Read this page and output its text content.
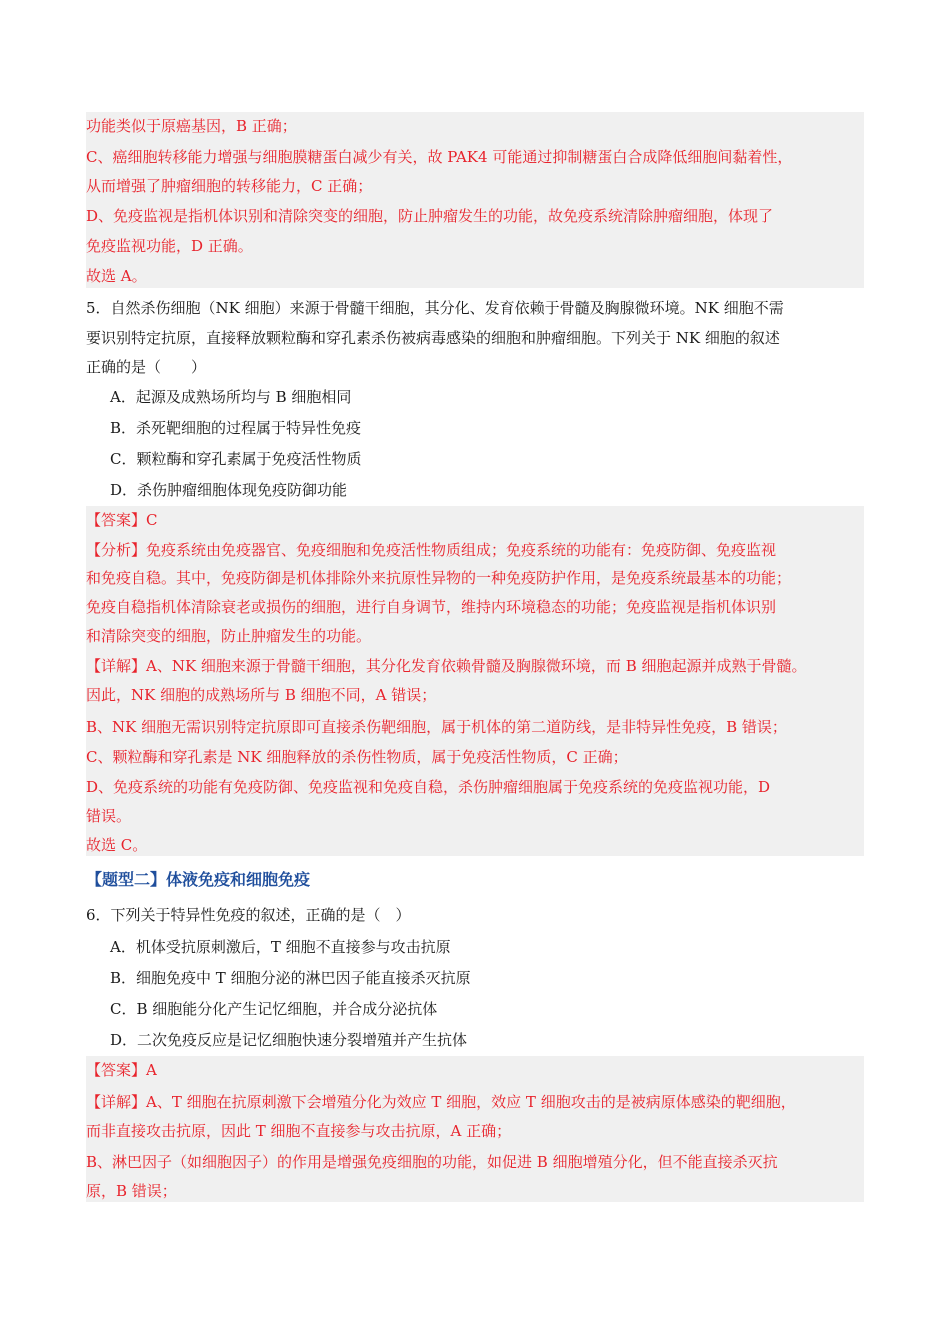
功能类似于原癌基因，B 正确；
C、癌细胞转移能力增强与细胞膜糖蛋白减少有关，故 PAK4 可能通过抑制糖蛋白合成降低细胞间黏着性，
从而增强了肿瘤细胞的转移能力，C 正确；
D、免疫监视是指机体识别和清除突变的细胞，防止肿瘤发生的功能，故免疫系统清除肿瘤细胞，体现了
免疫监视功能，D 正确。
故选 A。
5．自然杀伤细胞（NK 细胞）来源于骨髓干细胞，其分化、发育依赖于骨髓及胸腺微环境。NK 细胞不需
要识别特定抗原，直接释放颗粒酶和穿孔素杀伤被病毒感染的细胞和肿瘤细胞。下列关于 NK 细胞的叙述
正确的是（　　）
A．起源及成熟场所均与 B 细胞相同
B．杀死靶细胞的过程属于特异性免疫
C．颗粒酶和穿孔素属于免疫活性物质
D．杀伤肿瘤细胞体现免疫防御功能
【答案】C
【分析】免疫系统由免疫器官、免疫细胞和免疫活性物质组成；免疫系统的功能有：免疫防御、免疫监视
和免疫自稳。其中，免疫防御是机体排除外来抗原性异物的一种免疫防护作用，是免疫系统最基本的功能；
免疫自稳指机体清除衰老或损伤的细胞，进行自身调节，维持内环境稳态的功能；免疫监视是指机体识别
和清除突变的细胞，防止肿瘤发生的功能。
【详解】A、NK 细胞来源于骨髓干细胞，其分化发育依赖骨髓及胸腺微环境，而 B 细胞起源并成熟于骨髓。
因此，NK 细胞的成熟场所与 B 细胞不同，A 错误；
B、NK 细胞无需识别特定抗原即可直接杀伤靶细胞，属于机体的第二道防线，是非特异性免疫，B 错误；
C、颗粒酶和穿孔素是 NK 细胞释放的杀伤性物质，属于免疫活性物质，C 正确；
D、免疫系统的功能有免疫防御、免疫监视和免疫自稳，杀伤肿瘤细胞属于免疫系统的免疫监视功能，D
错误。
故选 C。
【题型二】体液免疫和细胞免疫
6．下列关于特异性免疫的叙述，正确的是（　）
A．机体受抗原刺激后，T 细胞不直接参与攻击抗原
B．细胞免疫中 T 细胞分泌的淋巴因子能直接杀灭抗原
C．B 细胞能分化产生记忆细胞，并合成分泌抗体
D．二次免疫反应是记忆细胞快速分裂增殖并产生抗体
【答案】A
【详解】A、T 细胞在抗原刺激下会增殖分化为效应 T 细胞，效应 T 细胞攻击的是被病原体感染的靶细胞，
而非直接攻击抗原，因此 T 细胞不直接参与攻击抗原，A 正确；
B、淋巴因子（如细胞因子）的作用是增强免疫细胞的功能，如促进 B 细胞增殖分化，但不能直接杀灭抗
原，B 错误；
